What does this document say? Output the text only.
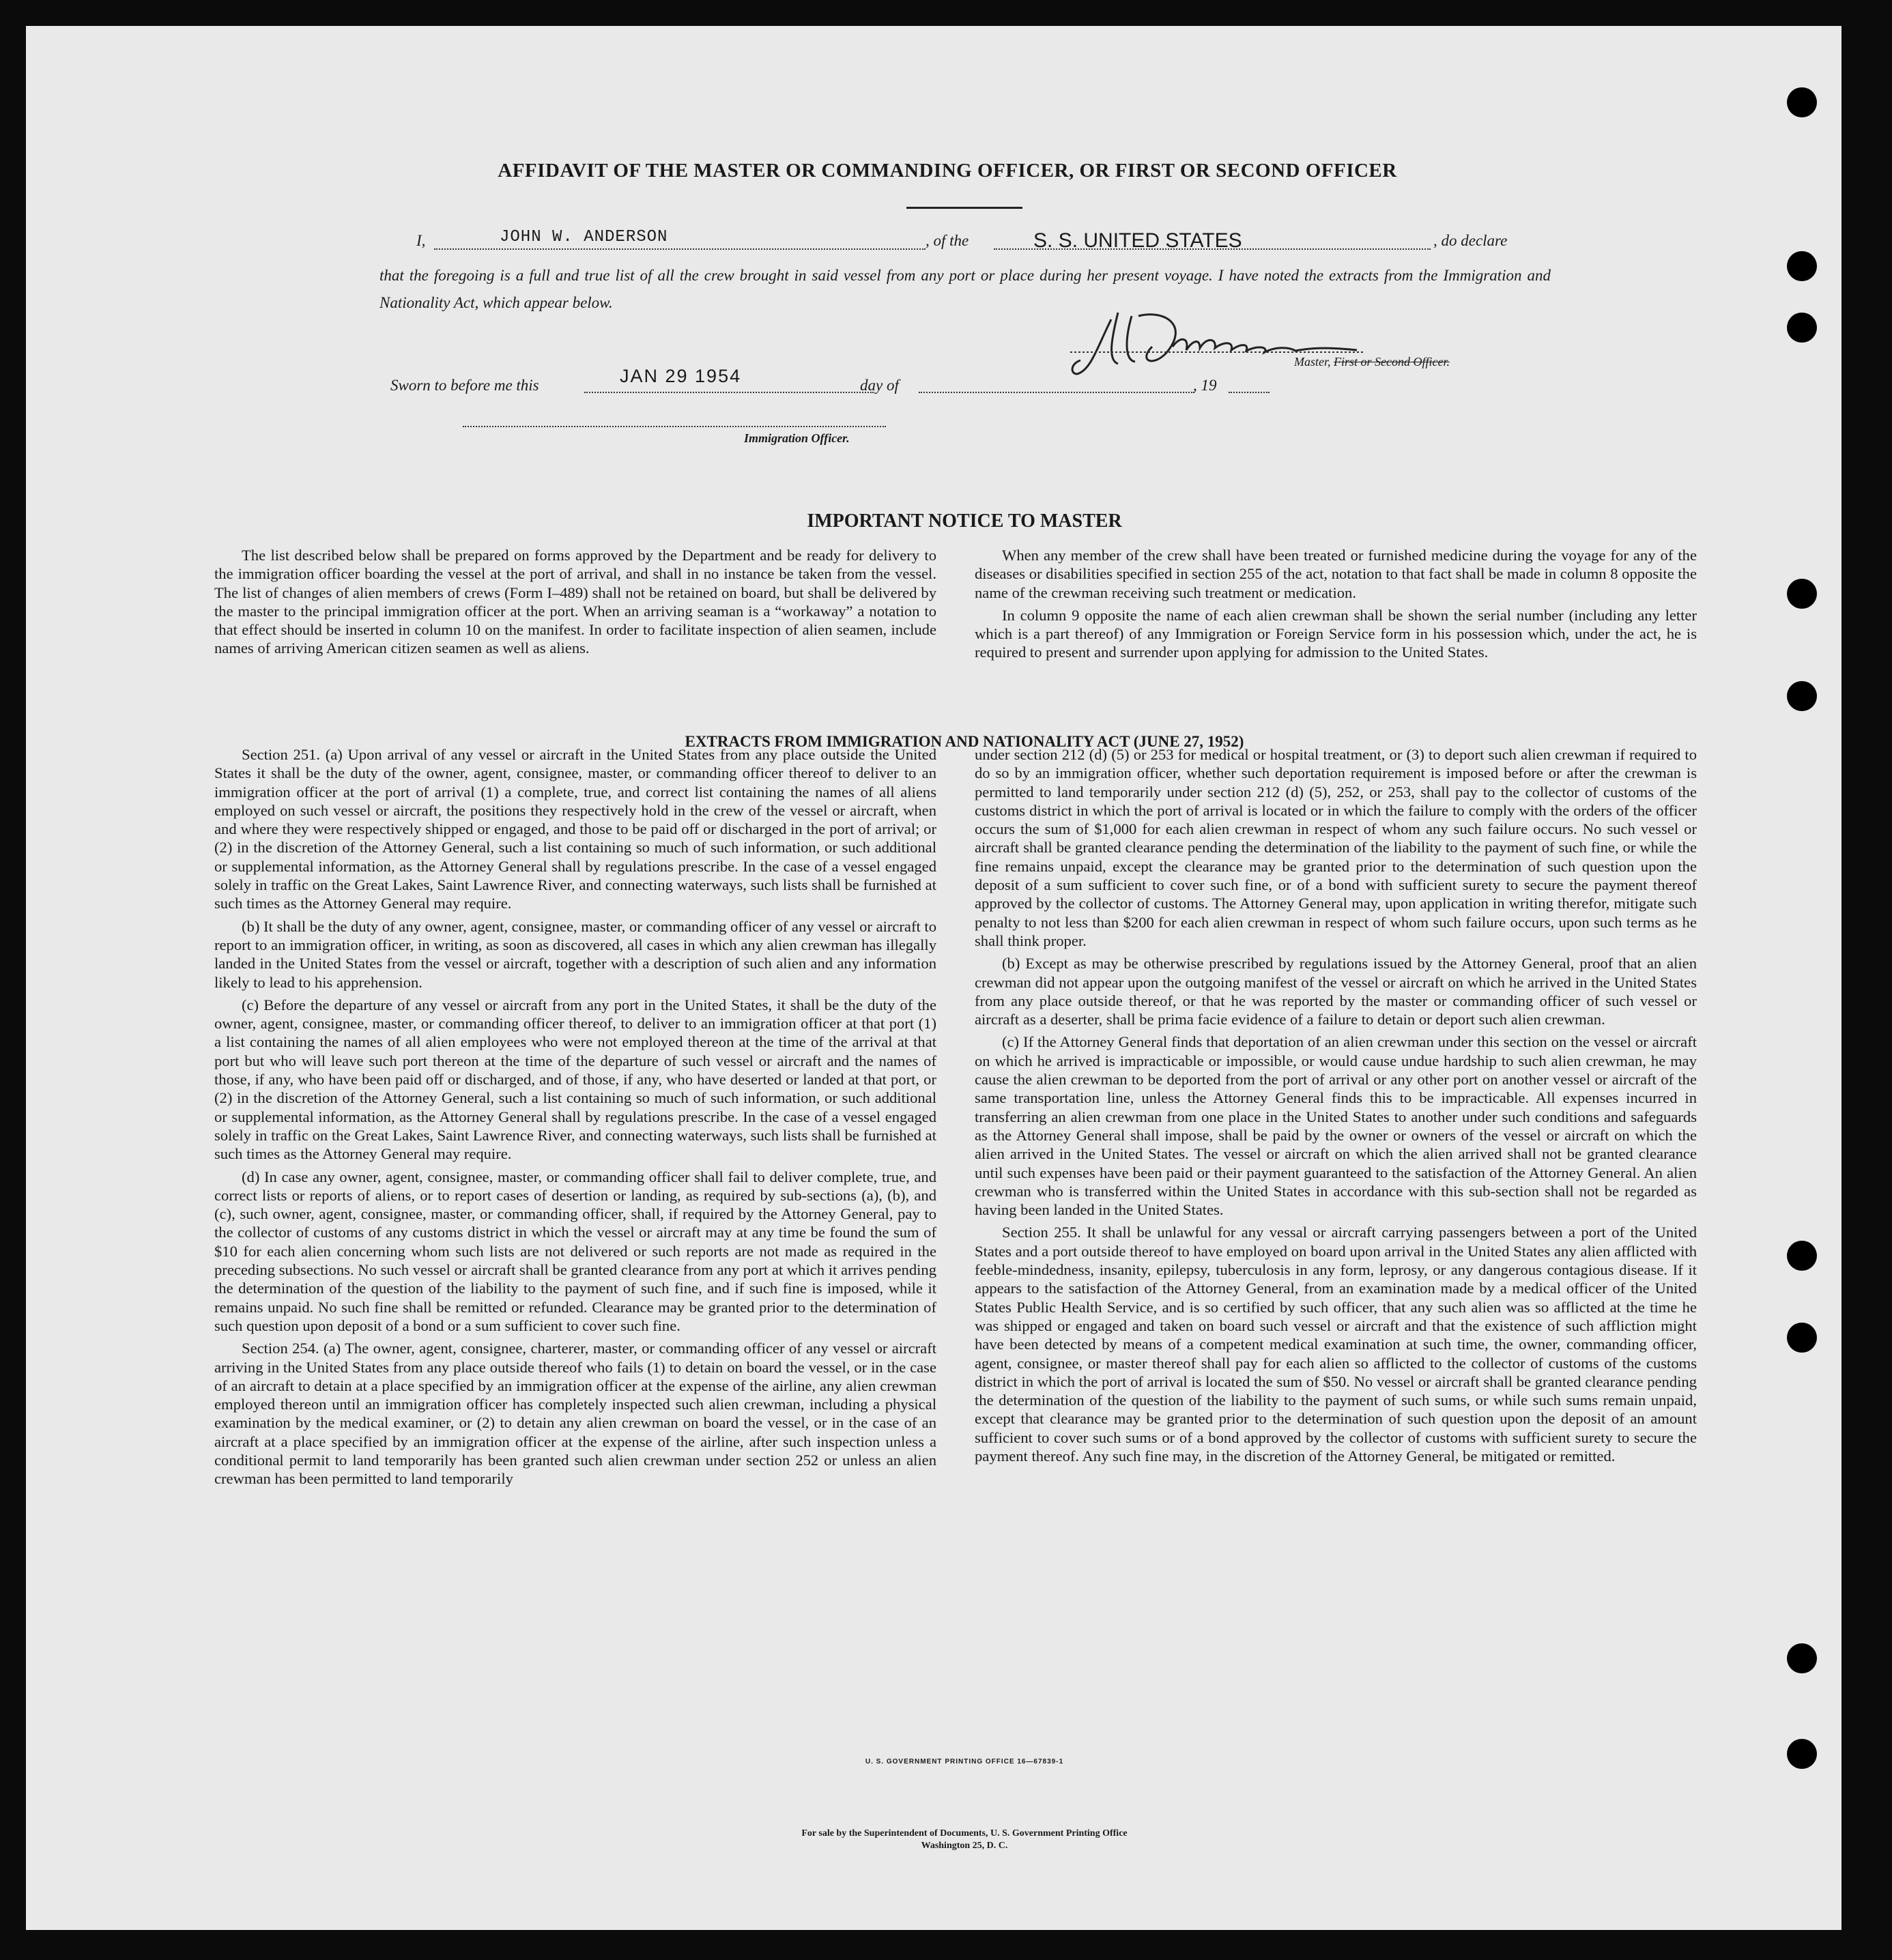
AFFIDAVIT OF THE MASTER OR COMMANDING OFFICER, OR FIRST OR SECOND OFFICER
I,	JOHN W. ANDERSON	, of the	S. S. UNITED STATES	, do declare
that the foregoing is a full and true list of all the crew brought in said vessel from any port or place during her present voyage. I have noted the extracts from the Immigration and Nationality Act, which appear below.
Master, First or Second Officer.
Sworn to before me this	JAN 29 1954	day of	, 19
Immigration Officer.
IMPORTANT NOTICE TO MASTER

The list described below shall be prepared on forms approved by the Department and be ready for delivery to the immigration officer boarding the vessel at the port of arrival, and shall in no instance be taken from the vessel. The list of changes of alien members of crews (Form I–489) shall not be retained on board, but shall be delivered by the master to the principal immigration officer at the port. When an arriving seaman is a “workaway” a notation to that effect should be inserted in column 10 on the manifest. In order to facilitate inspection of alien seamen, include names of arriving American citizen seamen as well as aliens.

When any member of the crew shall have been treated or furnished medicine during the voyage for any of the diseases or disabilities specified in section 255 of the act, notation to that fact shall be made in column 8 opposite the name of the crewman receiving such treatment or medication.

In column 9 opposite the name of each alien crewman shall be shown the serial number (including any letter which is a part thereof) of any Immigration or Foreign Service form in his possession which, under the act, he is required to present and surrender upon applying for admission to the United States.

EXTRACTS FROM IMMIGRATION AND NATIONALITY ACT (JUNE 27, 1952)

Section 251. (a) Upon arrival of any vessel or aircraft in the United States from any place outside the United States it shall be the duty of the owner, agent, consignee, master, or commanding officer thereof to deliver to an immigration officer at the port of arrival (1) a complete, true, and correct list containing the names of all aliens employed on such vessel or aircraft, the positions they respectively hold in the crew of the vessel or aircraft, when and where they were respectively shipped or engaged, and those to be paid off or discharged in the port of arrival; or (2) in the discretion of the Attorney General, such a list containing so much of such information, or such additional or supplemental information, as the Attorney General shall by regulations prescribe. In the case of a vessel engaged solely in traffic on the Great Lakes, Saint Lawrence River, and connecting waterways, such lists shall be furnished at such times as the Attorney General may require.

(b) It shall be the duty of any owner, agent, consignee, master, or commanding officer of any vessel or aircraft to report to an immigration officer, in writing, as soon as discovered, all cases in which any alien crewman has illegally landed in the United States from the vessel or aircraft, together with a description of such alien and any information likely to lead to his apprehension.

(c) Before the departure of any vessel or aircraft from any port in the United States, it shall be the duty of the owner, agent, consignee, master, or commanding officer thereof, to deliver to an immigration officer at that port (1) a list containing the names of all alien employees who were not employed thereon at the time of the arrival at that port but who will leave such port thereon at the time of the departure of such vessel or aircraft and the names of those, if any, who have been paid off or discharged, and of those, if any, who have deserted or landed at that port, or (2) in the discretion of the Attorney General, such a list containing so much of such information, or such additional or supplemental information, as the Attorney General shall by regulations prescribe. In the case of a vessel engaged solely in traffic on the Great Lakes, Saint Lawrence River, and connecting waterways, such lists shall be furnished at such times as the Attorney General may require.

(d) In case any owner, agent, consignee, master, or commanding officer shall fail to deliver complete, true, and correct lists or reports of aliens, or to report cases of desertion or landing, as required by sub-sections (a), (b), and (c), such owner, agent, consignee, master, or commanding officer, shall, if required by the Attorney General, pay to the collector of customs of any customs district in which the vessel or aircraft may at any time be found the sum of $10 for each alien concerning whom such lists are not delivered or such reports are not made as required in the preceding subsections. No such vessel or aircraft shall be granted clearance from any port at which it arrives pending the determination of the question of the liability to the payment of such fine, and if such fine is imposed, while it remains unpaid. No such fine shall be remitted or refunded. Clearance may be granted prior to the determination of such question upon deposit of a bond or a sum sufficient to cover such fine.

Section 254. (a) The owner, agent, consignee, charterer, master, or commanding officer of any vessel or aircraft arriving in the United States from any place outside thereof who fails (1) to detain on board the vessel, or in the case of an aircraft to detain at a place specified by an immigration officer at the expense of the airline, any alien crewman employed thereon until an immigration officer has completely inspected such alien crewman, including a physical examination by the medical examiner, or (2) to detain any alien crewman on board the vessel, or in the case of an aircraft at a place specified by an immigration officer at the expense of the airline, after such inspection unless a conditional permit to land temporarily has been granted such alien crewman under section 252 or unless an alien crewman has been permitted to land temporarily

under section 212 (d) (5) or 253 for medical or hospital treatment, or (3) to deport such alien crewman if required to do so by an immigration officer, whether such deportation requirement is imposed before or after the crewman is permitted to land temporarily under section 212 (d) (5), 252, or 253, shall pay to the collector of customs of the customs district in which the port of arrival is located or in which the failure to comply with the orders of the officer occurs the sum of $1,000 for each alien crewman in respect of whom any such failure occurs. No such vessel or aircraft shall be granted clearance pending the determination of the liability to the payment of such fine, or while the fine remains unpaid, except the clearance may be granted prior to the determination of such question upon the deposit of a sum sufficient to cover such fine, or of a bond with sufficient surety to secure the payment thereof approved by the collector of customs. The Attorney General may, upon application in writing therefor, mitigate such penalty to not less than $200 for each alien crewman in respect of whom such failure occurs, upon such terms as he shall think proper.

(b) Except as may be otherwise prescribed by regulations issued by the Attorney General, proof that an alien crewman did not appear upon the outgoing manifest of the vessel or aircraft on which he arrived in the United States from any place outside thereof, or that he was reported by the master or commanding officer of such vessel or aircraft as a deserter, shall be prima facie evidence of a failure to detain or deport such alien crewman.

(c) If the Attorney General finds that deportation of an alien crewman under this section on the vessel or aircraft on which he arrived is impracticable or impossible, or would cause undue hardship to such alien crewman, he may cause the alien crewman to be deported from the port of arrival or any other port on another vessel or aircraft of the same transportation line, unless the Attorney General finds this to be impracticable. All expenses incurred in transferring an alien crewman from one place in the United States to another under such conditions and safeguards as the Attorney General shall impose, shall be paid by the owner or owners of the vessel or aircraft on which the alien arrived in the United States. The vessel or aircraft on which the alien arrived shall not be granted clearance until such expenses have been paid or their payment guaranteed to the satisfaction of the Attorney General. An alien crewman who is transferred within the United States in accordance with this sub-section shall not be regarded as having been landed in the United States.

Section 255. It shall be unlawful for any vessal or aircraft carrying passengers between a port of the United States and a port outside thereof to have employed on board upon arrival in the United States any alien afflicted with feeble-mindedness, insanity, epilepsy, tuberculosis in any form, leprosy, or any dangerous contagious disease. If it appears to the satisfaction of the Attorney General, from an examination made by a medical officer of the United States Public Health Service, and is so certified by such officer, that any such alien was so afflicted at the time he was shipped or engaged and taken on board such vessel or aircraft and that the existence of such affliction might have been detected by means of a competent medical examination at such time, the owner, commanding officer, agent, consignee, or master thereof shall pay for each alien so afflicted to the collector of customs of the customs district in which the port of arrival is located the sum of $50. No vessel or aircraft shall be granted clearance pending the determination of the question of the liability to the payment of such sums, or while such sums remain unpaid, except that clearance may be granted prior to the determination of such question upon the deposit of an amount sufficient to cover such sums or of a bond approved by the collector of customs with sufficient surety to secure the payment thereof. Any such fine may, in the discretion of the Attorney General, be mitigated or remitted.

U. S. GOVERNMENT PRINTING OFFICE 16—67839-1
For sale by the Superintendent of Documents, U. S. Government Printing Office
Washington 25, D. C.
